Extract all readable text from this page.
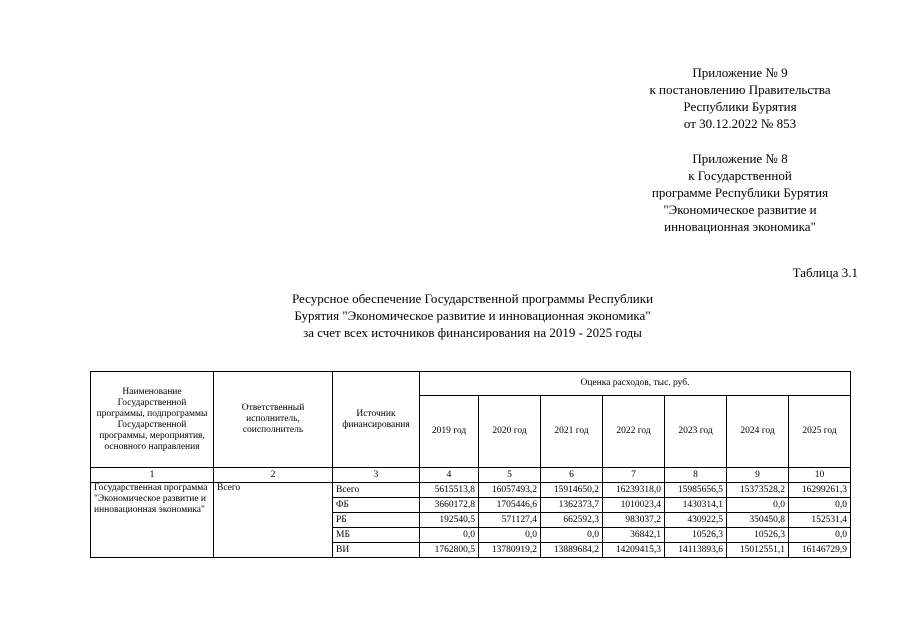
Приложение № 9
к постановлению Правительства
Республики Бурятия
от 30.12.2022 № 853
Приложение № 8
к Государственной
программе Республики Бурятия
"Экономическое развитие и
инновационная экономика"
Таблица 3.1
Ресурсное обеспечение Государственной программы Республики
Бурятия "Экономическое развитие и инновационная экономика"
за счет всех источников финансирования на 2019 - 2025 годы
Наименование Государственной программы, подпрограммы Государственной программы, мероприятия, основного направления	Ответственный исполнитель, соисполнитель	Источник финансирования	Оценка расходов, тыс. руб.						
			2019 год	2020 год	2021 год	2022 год	2023 год	2024 год	2025 год
1	2	3	4	5	6	7	8	9	10
Государственная программа "Экономическое развитие и инновационная экономика"	Всего	Всего	5615513,8	16057493,2	15914650,2	16239318,0	15985656,5	15373528,2	16299261,3
		ФБ	3660172,8	1705446,6	1362373,7	1010023,4	1430314,1	0,0	0,0
		РБ	192540,5	571127,4	662592,3	983037,2	430922,5	350450,8	152531,4
		МБ	0,0	0,0	0,0	36842,1	10526,3	10526,3	0,0
		ВИ	1762800,5	13780919,2	13889684,2	14209415,3	14113893,6	15012551,1	16146729,9
